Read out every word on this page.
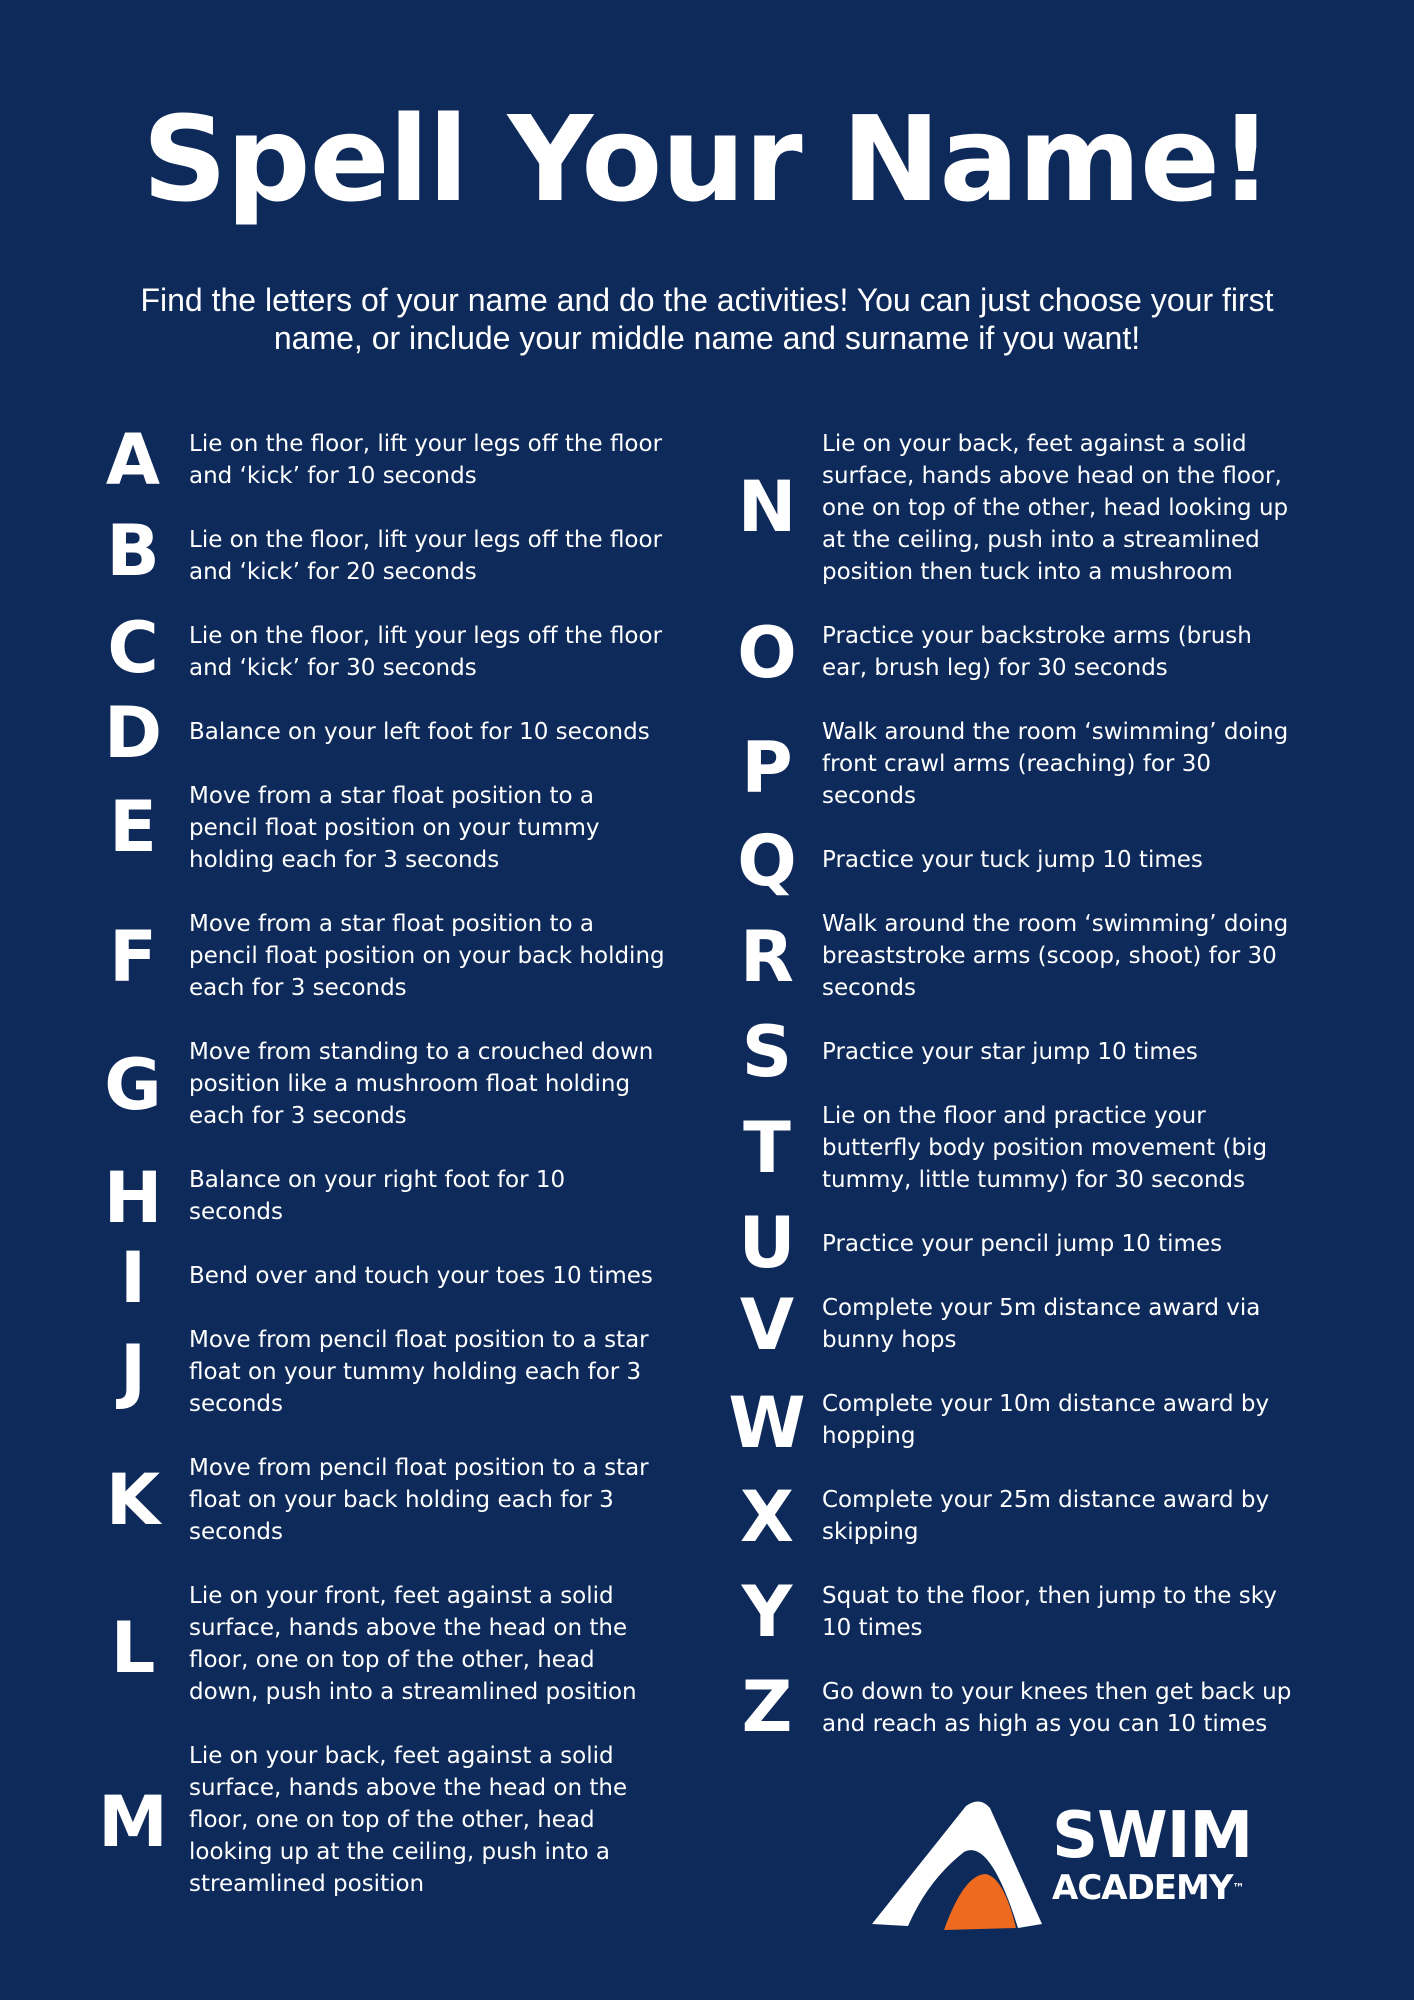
Spell Your Name!
Find the letters of your name and do the activities! You can just choose your first name, or include your middle name and surname if you want!
A	Lie on the floor, lift your legs off the floor
and ‘kick’ for 10 seconds
B	Lie on the floor, lift your legs off the floor
and ‘kick’ for 20 seconds
C	Lie on the floor, lift your legs off the floor
and ‘kick’ for 30 seconds
D	Balance on your left foot for 10 seconds
E	Move from a star float position to a
pencil float position on your tummy
holding each for 3 seconds
F	Move from a star float position to a
pencil float position on your back holding
each for 3 seconds
G	Move from standing to a crouched down
position like a mushroom float holding
each for 3 seconds
H	Balance on your right foot for 10
seconds
I	Bend over and touch your toes 10 times
J	Move from pencil float position to a star
float on your tummy holding each for 3
seconds
K	Move from pencil float position to a star
float on your back holding each for 3
seconds
L
Lie on your front, feet against a solid
surface, hands above the head on the
floor, one on top of the other, head
down, push into a streamlined position
M
Lie on your back, feet against a solid
surface, hands above the head on the
floor, one on top of the other, head
looking up at the ceiling, push into a
streamlined position
N
Lie on your back, feet against a solid
surface, hands above head on the floor,
one on top of the other, head looking up
at the ceiling, push into a streamlined
position then tuck into a mushroom
O	Practice your backstroke arms (brush
ear, brush leg) for 30 seconds
P	Walk around the room ‘swimming’ doing
front crawl arms (reaching) for 30
seconds
Q	Practice your tuck jump 10 times
R	Walk around the room ‘swimming’ doing
breaststroke arms (scoop, shoot) for 30
seconds
S	Practice your star jump 10 times
T	Lie on the floor and practice your
butterfly body position movement (big
tummy, little tummy) for 30 seconds
U	Practice your pencil jump 10 times
V	Complete your 5m distance award via
bunny hops
W Complete your 10m distance award by
hopping
X	Complete your 25m distance award by
skipping
Y	Squat to the floor, then jump to the sky
10 times
Z	Go down to your knees then get back up
and reach as high as you can 10 times
SWIM
ACADEMY™
